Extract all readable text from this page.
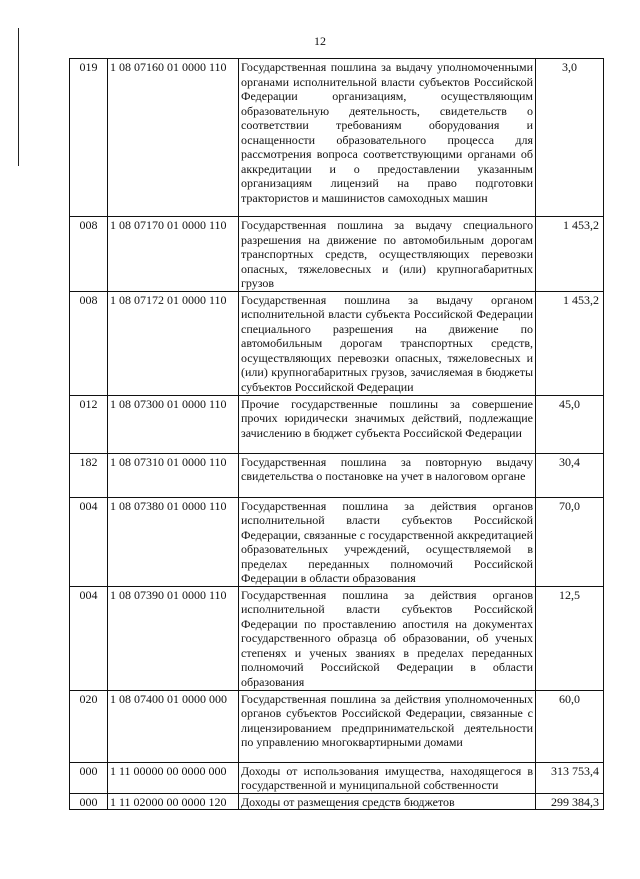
12
019	1 08 07160 01 0000 110	Государственная пошлина за выдачу уполномоченными органами исполнительной власти субъектов Российской Федерации организациям, осуществляющим образовательную деятельность, свидетельств о соответствии требованиям оборудования и оснащенности образовательного процесса для рассмотрения вопроса соответствующими органами об аккредитации и о предоставлении указанным организациям лицензий на право подготовки трактористов и машинистов самоходных машин	3,0
008	1 08 07170 01 0000 110	Государственная пошлина за выдачу специального разрешения на движение по автомобильным дорогам транспортных средств, осуществляющих перевозки опасных, тяжеловесных и (или) крупногабаритных грузов	1 453,2
008	1 08 07172 01 0000 110	Государственная пошлина за выдачу органом исполнительной власти субъекта Российской Федерации специального разрешения на движение по автомобильным дорогам транспортных средств, осуществляющих перевозки опасных, тяжеловесных и (или) крупногабаритных грузов, зачисляемая в бюджеты субъектов Российской Федерации	1 453,2
012	1 08 07300 01 0000 110	Прочие государственные пошлины за совершение прочих юридически значимых действий, подлежащие зачислению в бюджет субъекта Российской Федерации	45,0
182	1 08 07310 01 0000 110	Государственная пошлина за повторную выдачу свидетельства о постановке на учет в налоговом органе	30,4
004	1 08 07380 01 0000 110	Государственная пошлина за действия органов исполнительной власти субъектов Российской Федерации, связанные с государственной аккредитацией образовательных учреждений, осуществляемой в пределах переданных полномочий Российской Федерации в области образования	70,0
004	1 08 07390 01 0000 110	Государственная пошлина за действия органов исполнительной власти субъектов Российской Федерации по проставлению апостиля на документах государственного образца об образовании, об ученых степенях и ученых званиях в пределах переданных полномочий Российской Федерации в области образования	12,5
020	1 08 07400 01 0000 000	Государственная пошлина за действия уполномоченных органов субъектов Российской Федерации, связанные с лицензированием предпринимательской деятельности по управлению многоквартирными домами	60,0
000	1 11 00000 00 0000 000	Доходы от использования имущества, находящегося в государственной и муниципальной собственности	313 753,4
000	1 11 02000 00 0000 120	Доходы от размещения средств бюджетов	299 384,3
